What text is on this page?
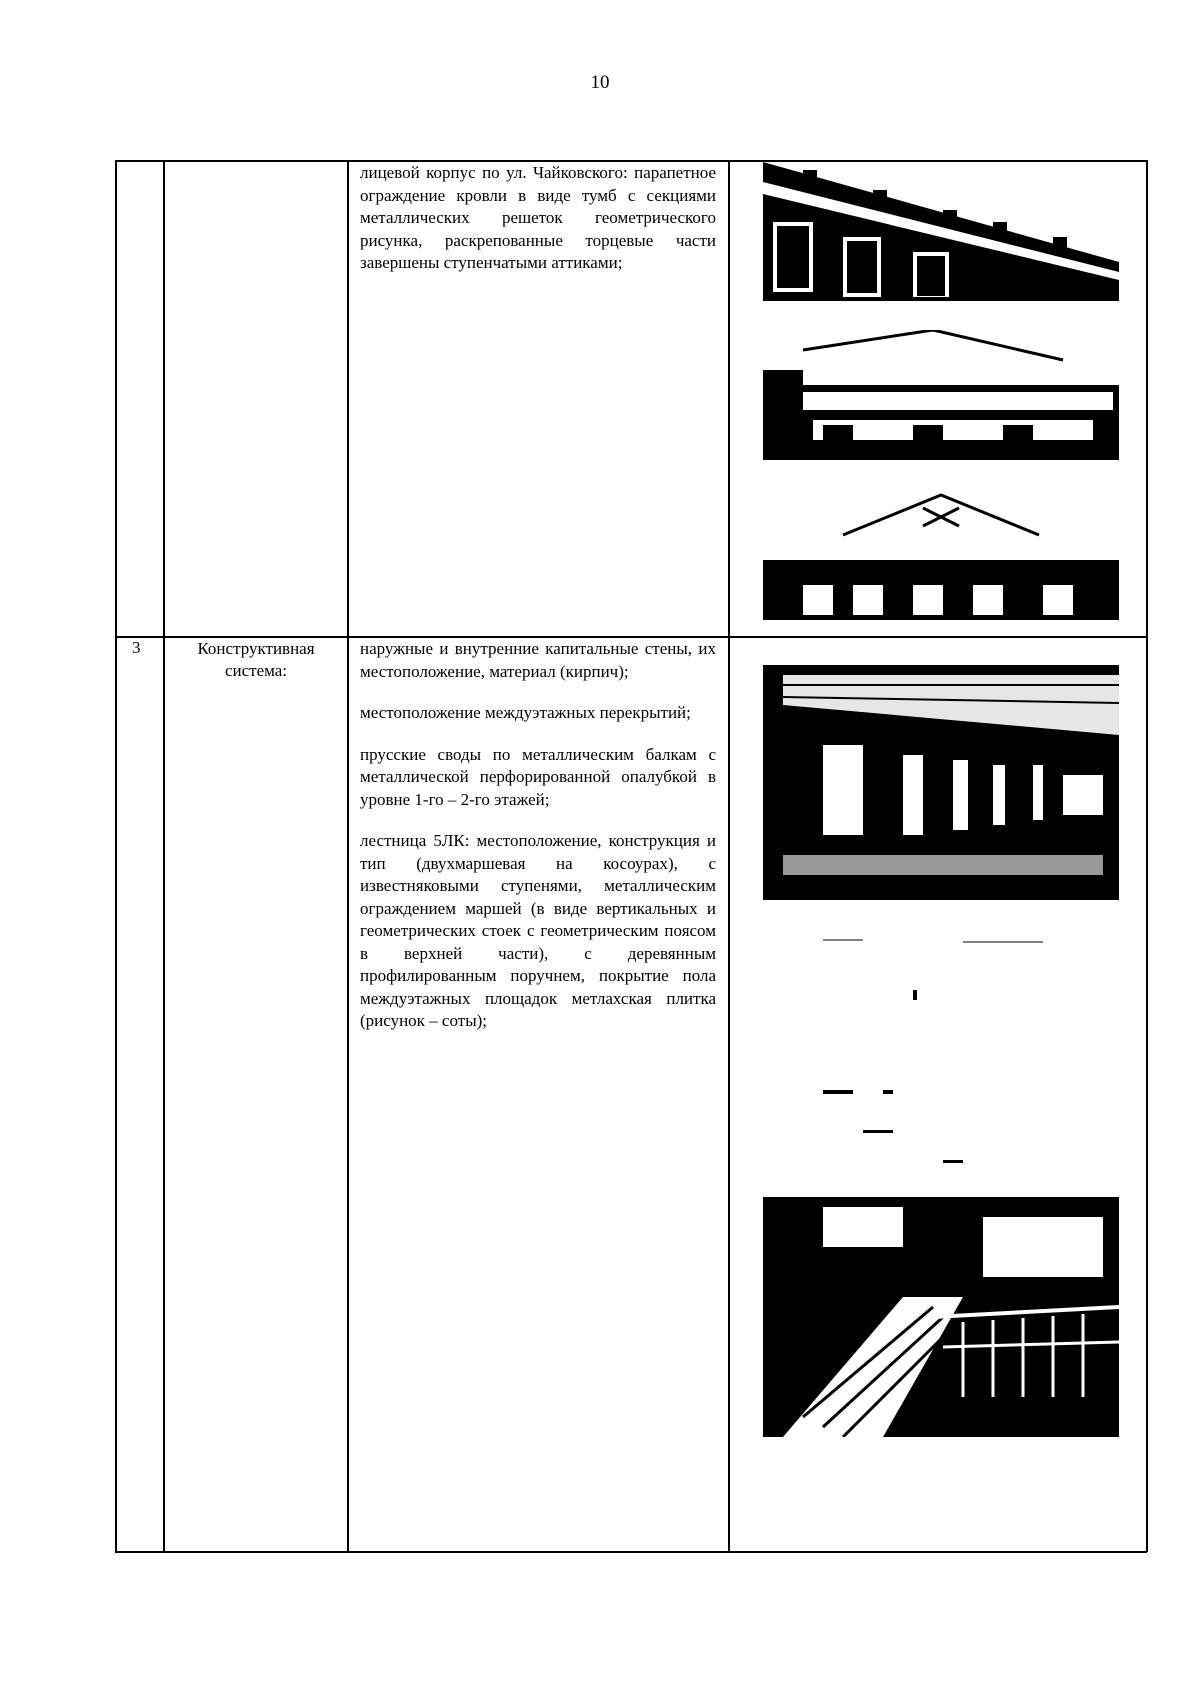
10

лицевой корпус по ул. Чайковского: парапетное ограждение кровли в виде тумб с секциями металлических решеток геометрического рисунка, раскрепованные торцевые части завершены ступенчатыми аттиками;

3	Конструктивная система:

наружные и внутренние капитальные стены, их местоположение, материал (кирпич);

местоположение междуэтажных перекрытий;

прусские своды по металлическим балкам с металлической перфорированной опалубкой в уровне 1-го – 2-го этажей;

лестница 5ЛК: местоположение, конструкция и тип (двухмаршевая на косоурах), с известняковыми ступенями, металлическим ограждением маршей (в виде вертикальных и геометрических стоек с геометрическим поясом в верхней части), с деревянным профилированным поручнем, покрытие пола междуэтажных площадок метлахская плитка (рисунок – соты);
